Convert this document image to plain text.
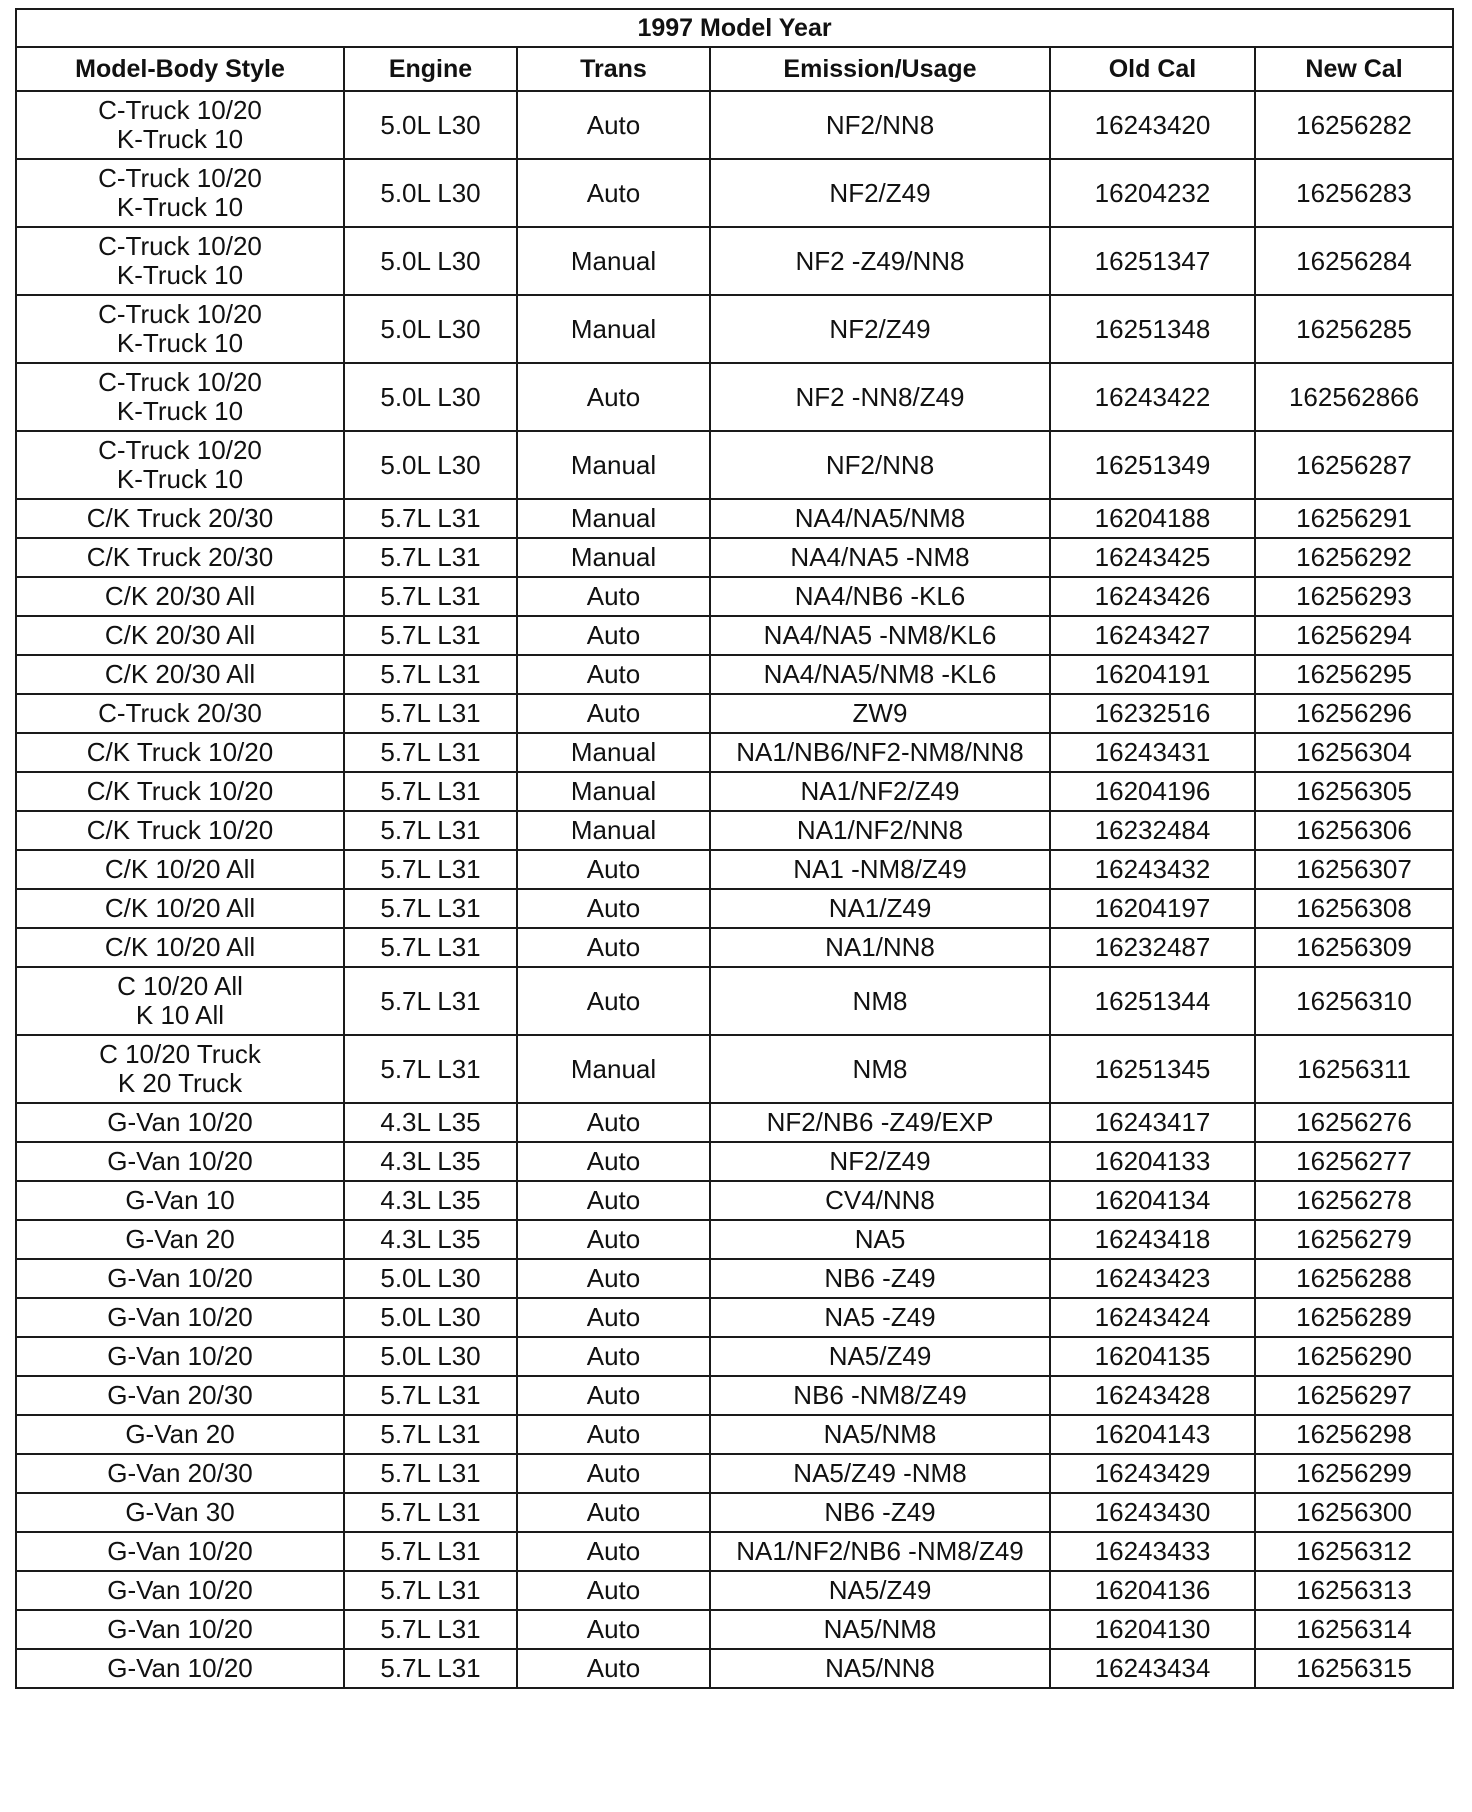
1997 Model Year					
Model-Body Style	Engine	Trans	Emission/Usage	Old Cal	New Cal

C-Truck 10/20
K-Truck 10	5.0L L30	Auto	NF2/NN8	16243420	16256282

C-Truck 10/20
K-Truck 10	5.0L L30	Auto	NF2/Z49	16204232	16256283

C-Truck 10/20
K-Truck 10	5.0L L30	Manual	NF2 -Z49/NN8	16251347	16256284

C-Truck 10/20
K-Truck 10	5.0L L30	Manual	NF2/Z49	16251348	16256285

C-Truck 10/20
K-Truck 10	5.0L L30	Auto	NF2 -NN8/Z49	16243422	162562866

C-Truck 10/20
K-Truck 10	5.0L L30	Manual	NF2/NN8	16251349	16256287

C/K Truck 20/30	5.7L L31	Manual	NA4/NA5/NM8	16204188	16256291

C/K Truck 20/30	5.7L L31	Manual	NA4/NA5 -NM8	16243425	16256292

C/K 20/30 All	5.7L L31	Auto	NA4/NB6 -KL6	16243426	16256293

C/K 20/30 All	5.7L L31	Auto	NA4/NA5 -NM8/KL6	16243427	16256294

C/K 20/30 All	5.7L L31	Auto	NA4/NA5/NM8 -KL6	16204191	16256295

C-Truck 20/30	5.7L L31	Auto	ZW9	16232516	16256296

C/K Truck 10/20	5.7L L31	Manual	NA1/NB6/NF2-NM8/NN8	16243431	16256304

C/K Truck 10/20	5.7L L31	Manual	NA1/NF2/Z49	16204196	16256305

C/K Truck 10/20	5.7L L31	Manual	NA1/NF2/NN8	16232484	16256306

C/K 10/20 All	5.7L L31	Auto	NA1 -NM8/Z49	16243432	16256307

C/K 10/20 All	5.7L L31	Auto	NA1/Z49	16204197	16256308

C/K 10/20 All	5.7L L31	Auto	NA1/NN8	16232487	16256309

C 10/20 All
K 10 All	5.7L L31	Auto	NM8	16251344	16256310

C 10/20 Truck
K 20 Truck	5.7L L31	Manual	NM8	16251345	16256311

G-Van 10/20	4.3L L35	Auto	NF2/NB6 -Z49/EXP	16243417	16256276

G-Van 10/20	4.3L L35	Auto	NF2/Z49	16204133	16256277

G-Van 10	4.3L L35	Auto	CV4/NN8	16204134	16256278

G-Van 20	4.3L L35	Auto	NA5	16243418	16256279

G-Van 10/20	5.0L L30	Auto	NB6 -Z49	16243423	16256288

G-Van 10/20	5.0L L30	Auto	NA5 -Z49	16243424	16256289

G-Van 10/20	5.0L L30	Auto	NA5/Z49	16204135	16256290

G-Van 20/30	5.7L L31	Auto	NB6 -NM8/Z49	16243428	16256297

G-Van 20	5.7L L31	Auto	NA5/NM8	16204143	16256298

G-Van 20/30	5.7L L31	Auto	NA5/Z49 -NM8	16243429	16256299

G-Van 30	5.7L L31	Auto	NB6 -Z49	16243430	16256300

G-Van 10/20	5.7L L31	Auto	NA1/NF2/NB6 -NM8/Z49	16243433	16256312

G-Van 10/20	5.7L L31	Auto	NA5/Z49	16204136	16256313

G-Van 10/20	5.7L L31	Auto	NA5/NM8	16204130	16256314

G-Van 10/20	5.7L L31	Auto	NA5/NN8	16243434	16256315
